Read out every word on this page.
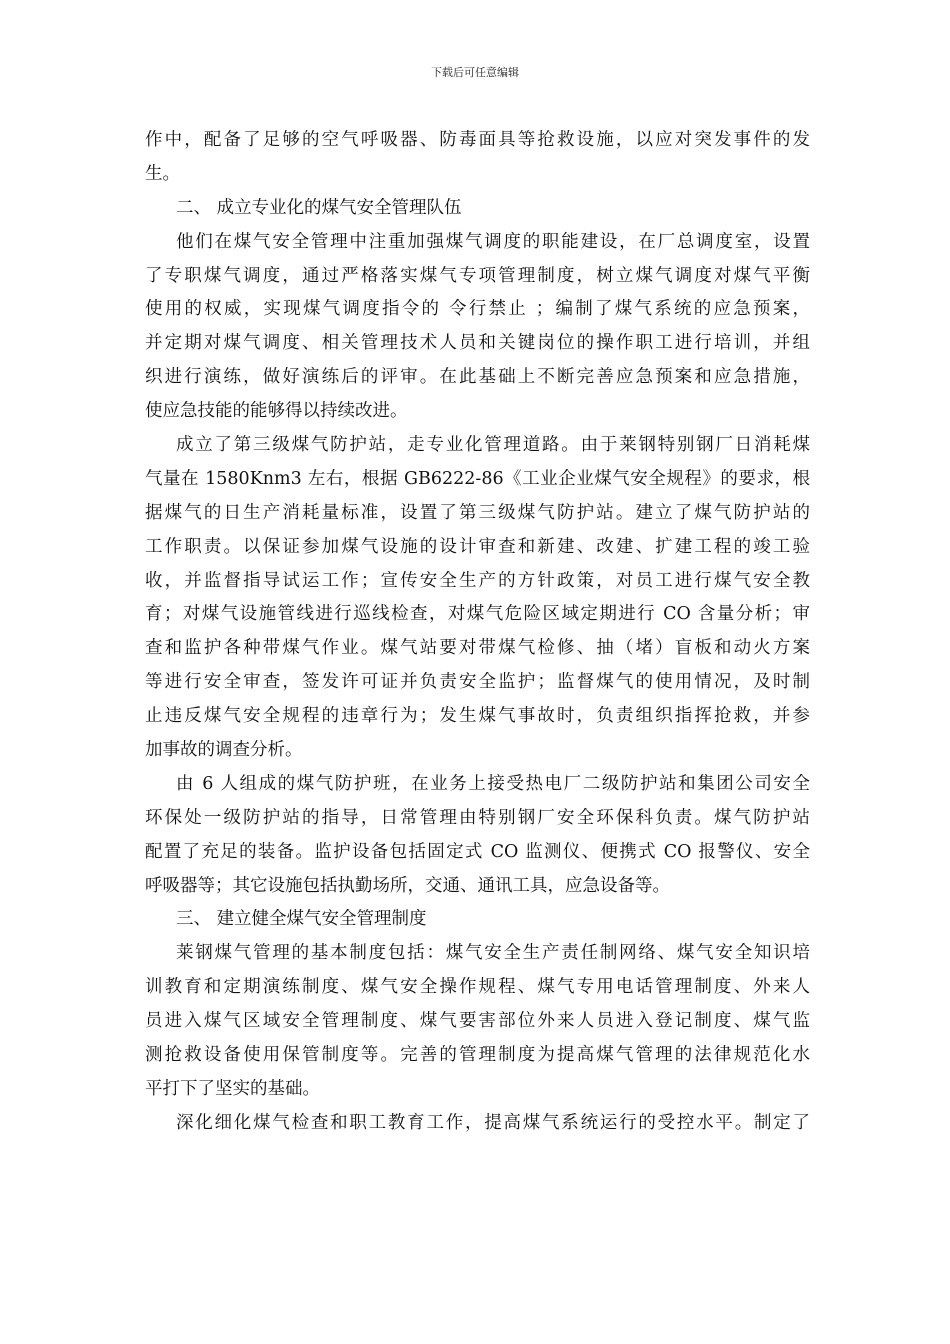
下载后可任意编辑
作中，配备了足够的空气呼吸器、防毒面具等抢救设施，以应对突发事件的发
生。
二、 成立专业化的煤气安全管理队伍
他们在煤气安全管理中注重加强煤气调度的职能建设，在厂总调度室，设置
了专职煤气调度，通过严格落实煤气专项管理制度，树立煤气调度对煤气平衡
使用的权威，实现煤气调度指令的 令行禁止 ；编制了煤气系统的应急预案，
并定期对煤气调度、相关管理技术人员和关键岗位的操作职工进行培训，并组
织进行演练，做好演练后的评审。在此基础上不断完善应急预案和应急措施，
使应急技能的能够得以持续改进。
成立了第三级煤气防护站，走专业化管理道路。由于莱钢特别钢厂日消耗煤
气量在 1580Knm3 左右，根据 GB6222-86《工业企业煤气安全规程》的要求，根
据煤气的日生产消耗量标准，设置了第三级煤气防护站。建立了煤气防护站的
工作职责。以保证参加煤气设施的设计审查和新建、改建、扩建工程的竣工验
收，并监督指导试运工作；宣传安全生产的方针政策，对员工进行煤气安全教
育；对煤气设施管线进行巡线检查，对煤气危险区域定期进行 CO 含量分析；审
查和监护各种带煤气作业。煤气站要对带煤气检修、抽（堵）盲板和动火方案
等进行安全审查，签发许可证并负责安全监护；监督煤气的使用情况，及时制
止违反煤气安全规程的违章行为；发生煤气事故时，负责组织指挥抢救，并参
加事故的调查分析。
由 6 人组成的煤气防护班，在业务上接受热电厂二级防护站和集团公司安全
环保处一级防护站的指导，日常管理由特别钢厂安全环保科负责。煤气防护站
配置了充足的装备。监护设备包括固定式 CO 监测仪、便携式 CO 报警仪、安全
呼吸器等；其它设施包括执勤场所，交通、通讯工具，应急设备等。
三、 建立健全煤气安全管理制度
莱钢煤气管理的基本制度包括：煤气安全生产责任制网络、煤气安全知识培
训教育和定期演练制度、煤气安全操作规程、煤气专用电话管理制度、外来人
员进入煤气区域安全管理制度、煤气要害部位外来人员进入登记制度、煤气监
测抢救设备使用保管制度等。完善的管理制度为提高煤气管理的法律规范化水
平打下了坚实的基础。
深化细化煤气检查和职工教育工作，提高煤气系统运行的受控水平。制定了
